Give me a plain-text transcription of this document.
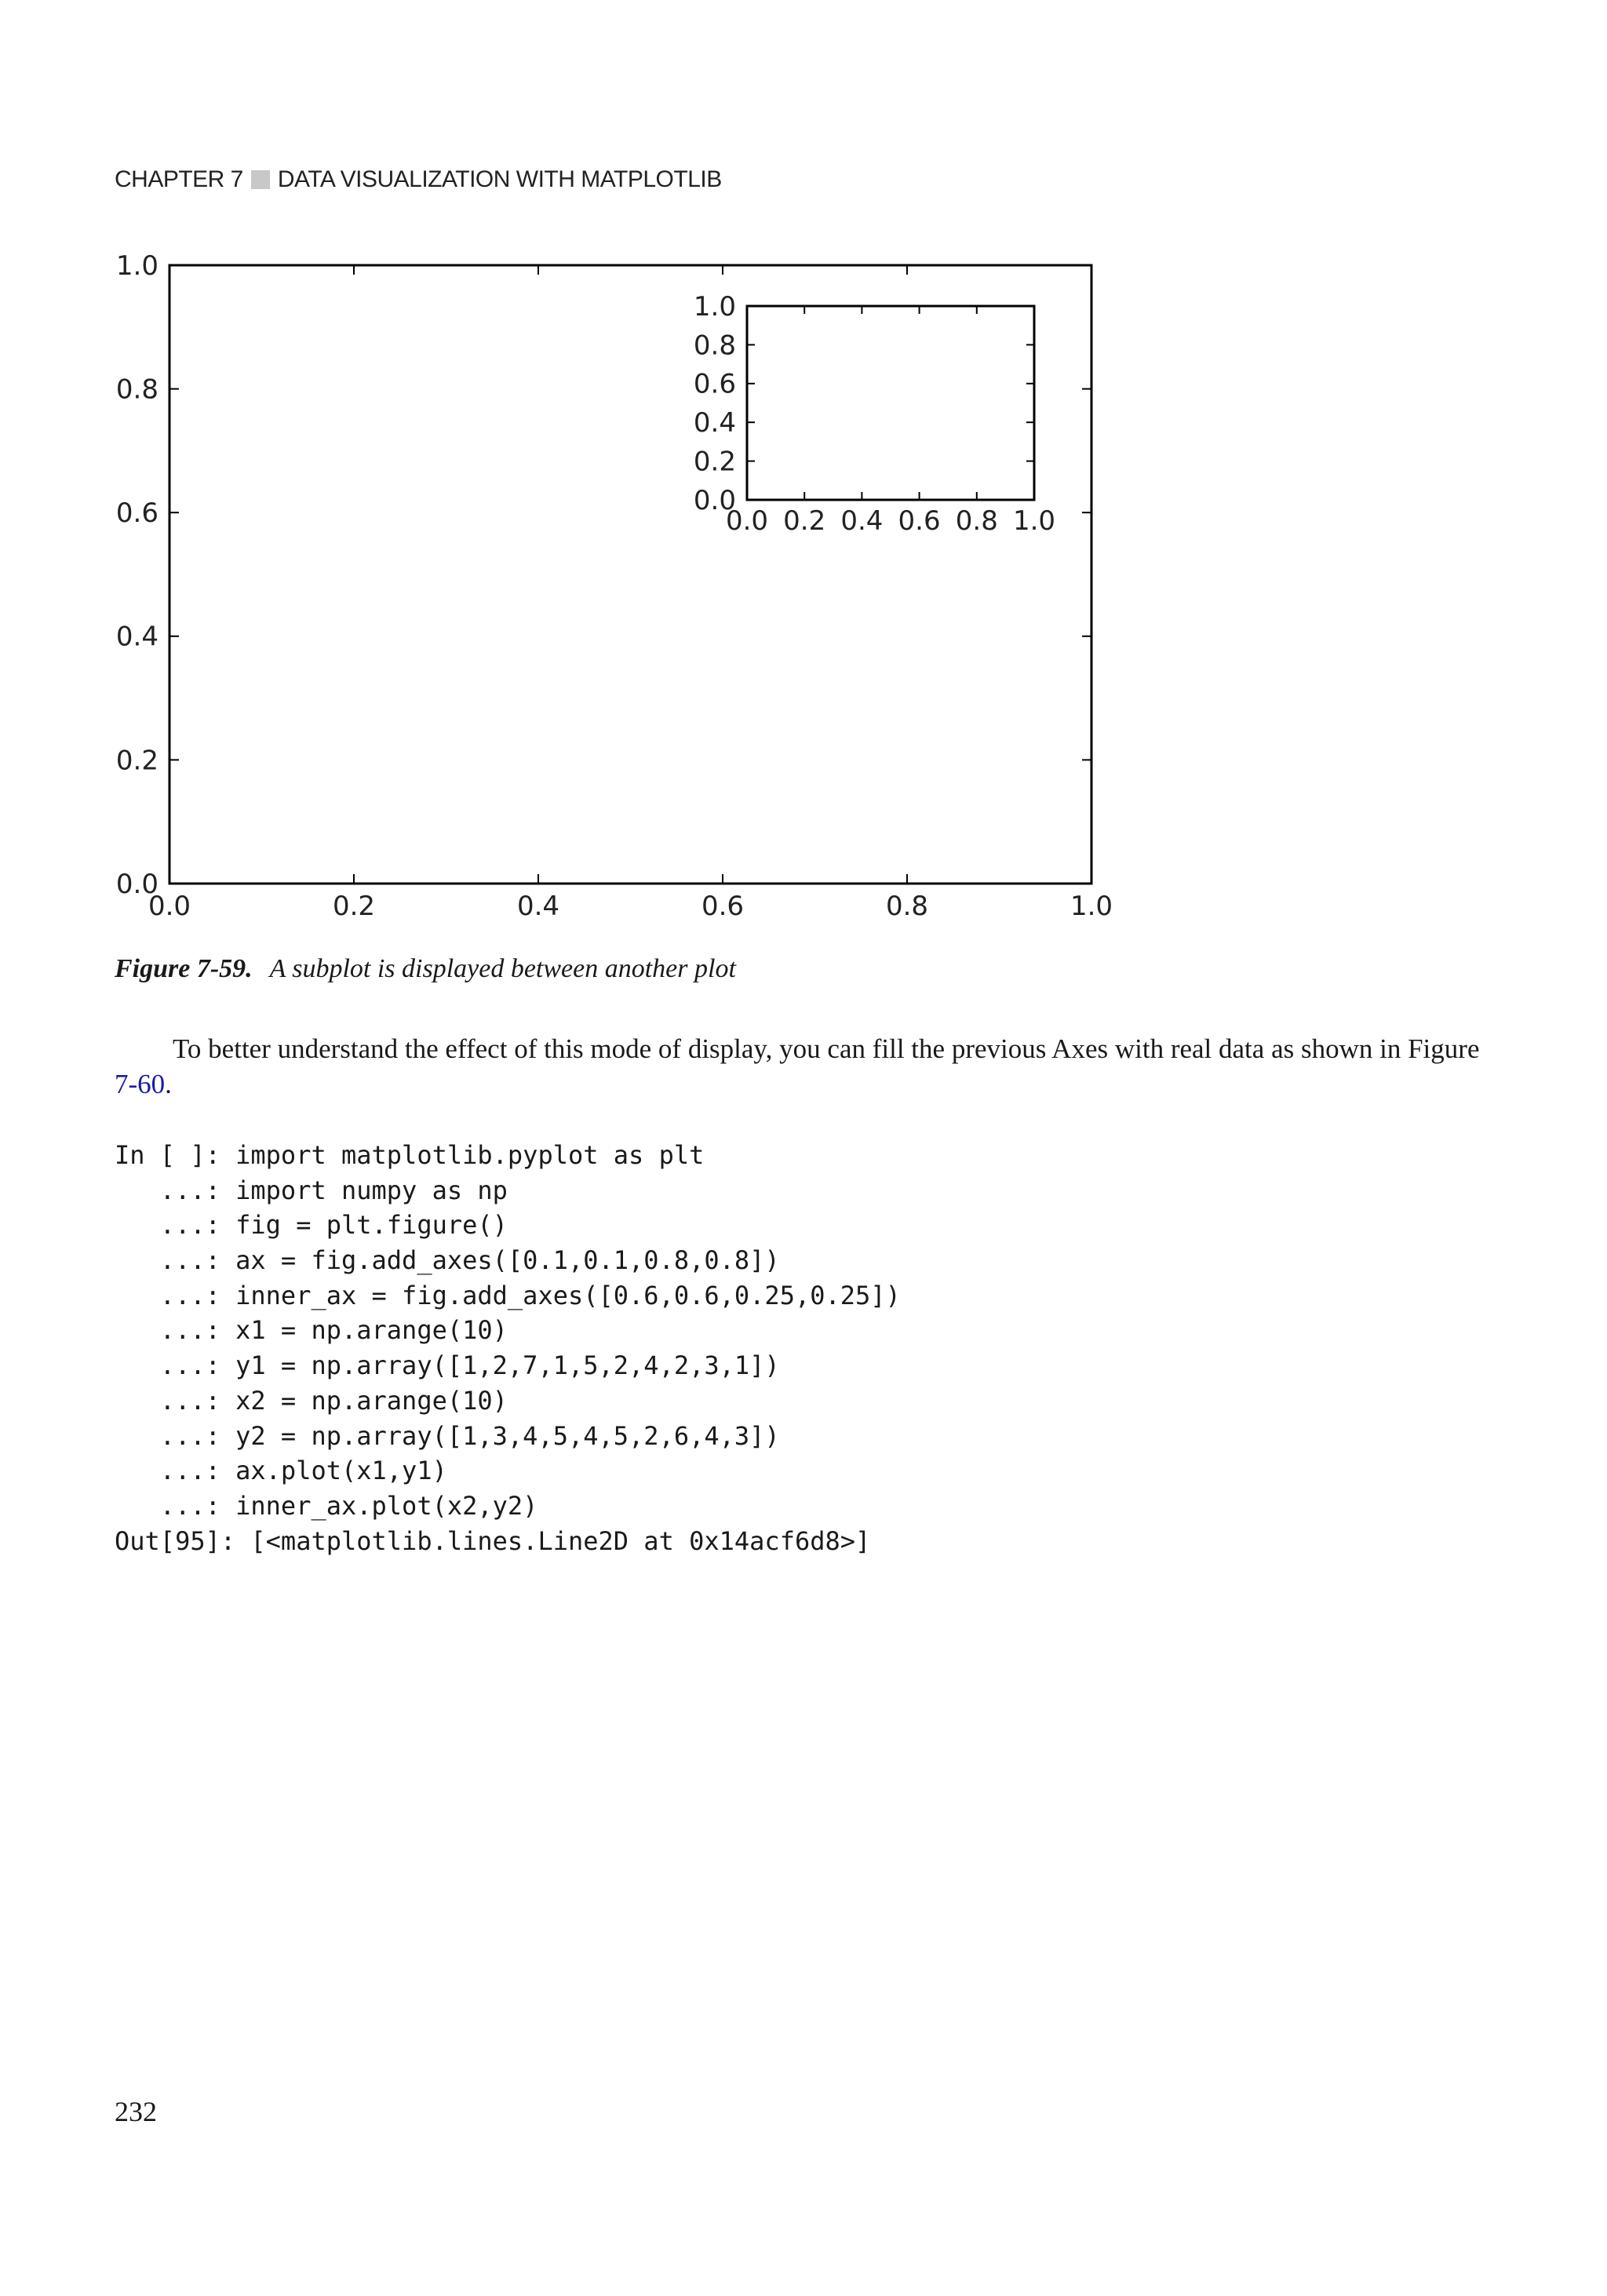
CHAPTER 7 DATA VISUALIZATION WITH MATPLOTLIB
0.0	0.2	0.4	0.6	0.8	1.0
0.0
0.2
0.4
0.6
0.8
1.0
0.0 0.2 0.4 0.6 0.8 1.0
0.0
0.2
0.4
0.6
0.8
1.0
Figure 7-59. A subplot is displayed between another plot
To better understand the effect of this mode of display, you can fill the previous Axes with real data as shown in Figure 7-60.
In [ ]: import matplotlib.pyplot as plt
...: import numpy as np
...: fig = plt.figure()
...: ax = fig.add_axes([0.1,0.1,0.8,0.8])
...: inner_ax = fig.add_axes([0.6,0.6,0.25,0.25])
...: x1 = np.arange(10)
...: y1 = np.array([1,2,7,1,5,2,4,2,3,1])
...: x2 = np.arange(10)
...: y2 = np.array([1,3,4,5,4,5,2,6,4,3])
...: ax.plot(x1,y1)
...: inner_ax.plot(x2,y2)
Out[95]: [<matplotlib.lines.Line2D at 0x14acf6d8>]
232
